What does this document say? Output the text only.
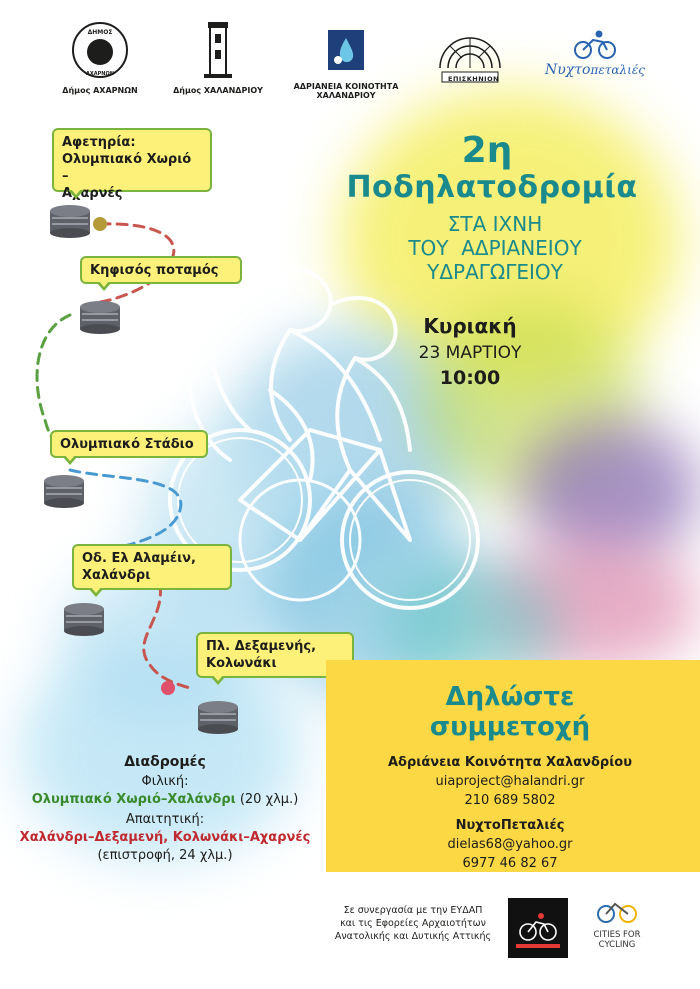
ΔΗΜΟΣ
ΑΧΑΡΝΩΝ
Δήμος ΑΧΑΡΝΩΝ	Δήμος ΧΑΛΑΝΔΡΙΟΥ	ΑΔΡΙΑΝΕΙΑ ΚΟΙΝΟΤΗΤΑ ΧΑΛΑΝΔΡΙΟΥ
ΕΠΙΣΚΗΝΙΟΝ
Νυχτοπεταλιές
2η
Ποδηλατοδρομία
ΣΤΑ ΙΧΝΗ
ΤΟΥ  ΑΔΡΙΑΝΕΙΟΥ
ΥΔΡΑΓΩΓΕΙΟΥ
Κυριακή
23 ΜΑΡΤΙΟΥ
10:00
Αφετηρία:
Ολυμπιακό Χωριό –
Αχαρνές
Κηφισός ποταμός
Ολυμπιακό Στάδιο
Οδ. Ελ Αλαμέιν,
Χαλάνδρι
Πλ. Δεξαμενής,
Κολωνάκι
Δηλώστε
συμμετοχή
Αδριάνεια Κοινότητα Χαλανδρίου
uiaproject@halandri.gr
210 689 5802
ΝυχτοΠεταλιές
dielas68@yahoo.gr
6977 46 82 67
Διαδρομές
Φιλική:
Ολυμπιακό Χωριό–Χαλάνδρι (20 χλμ.)
Απαιτητική:
Χαλάνδρι–Δεξαμενή, Κολωνάκι–Αχαρνές
(επιστροφή, 24 χλμ.)
Σε συνεργασία με την ΕΥΔΑΠ
και τις Εφορείες Αρχαιοτήτων
Ανατολικής και Δυτικής Αττικής	CITIES FOR
CYCLING
